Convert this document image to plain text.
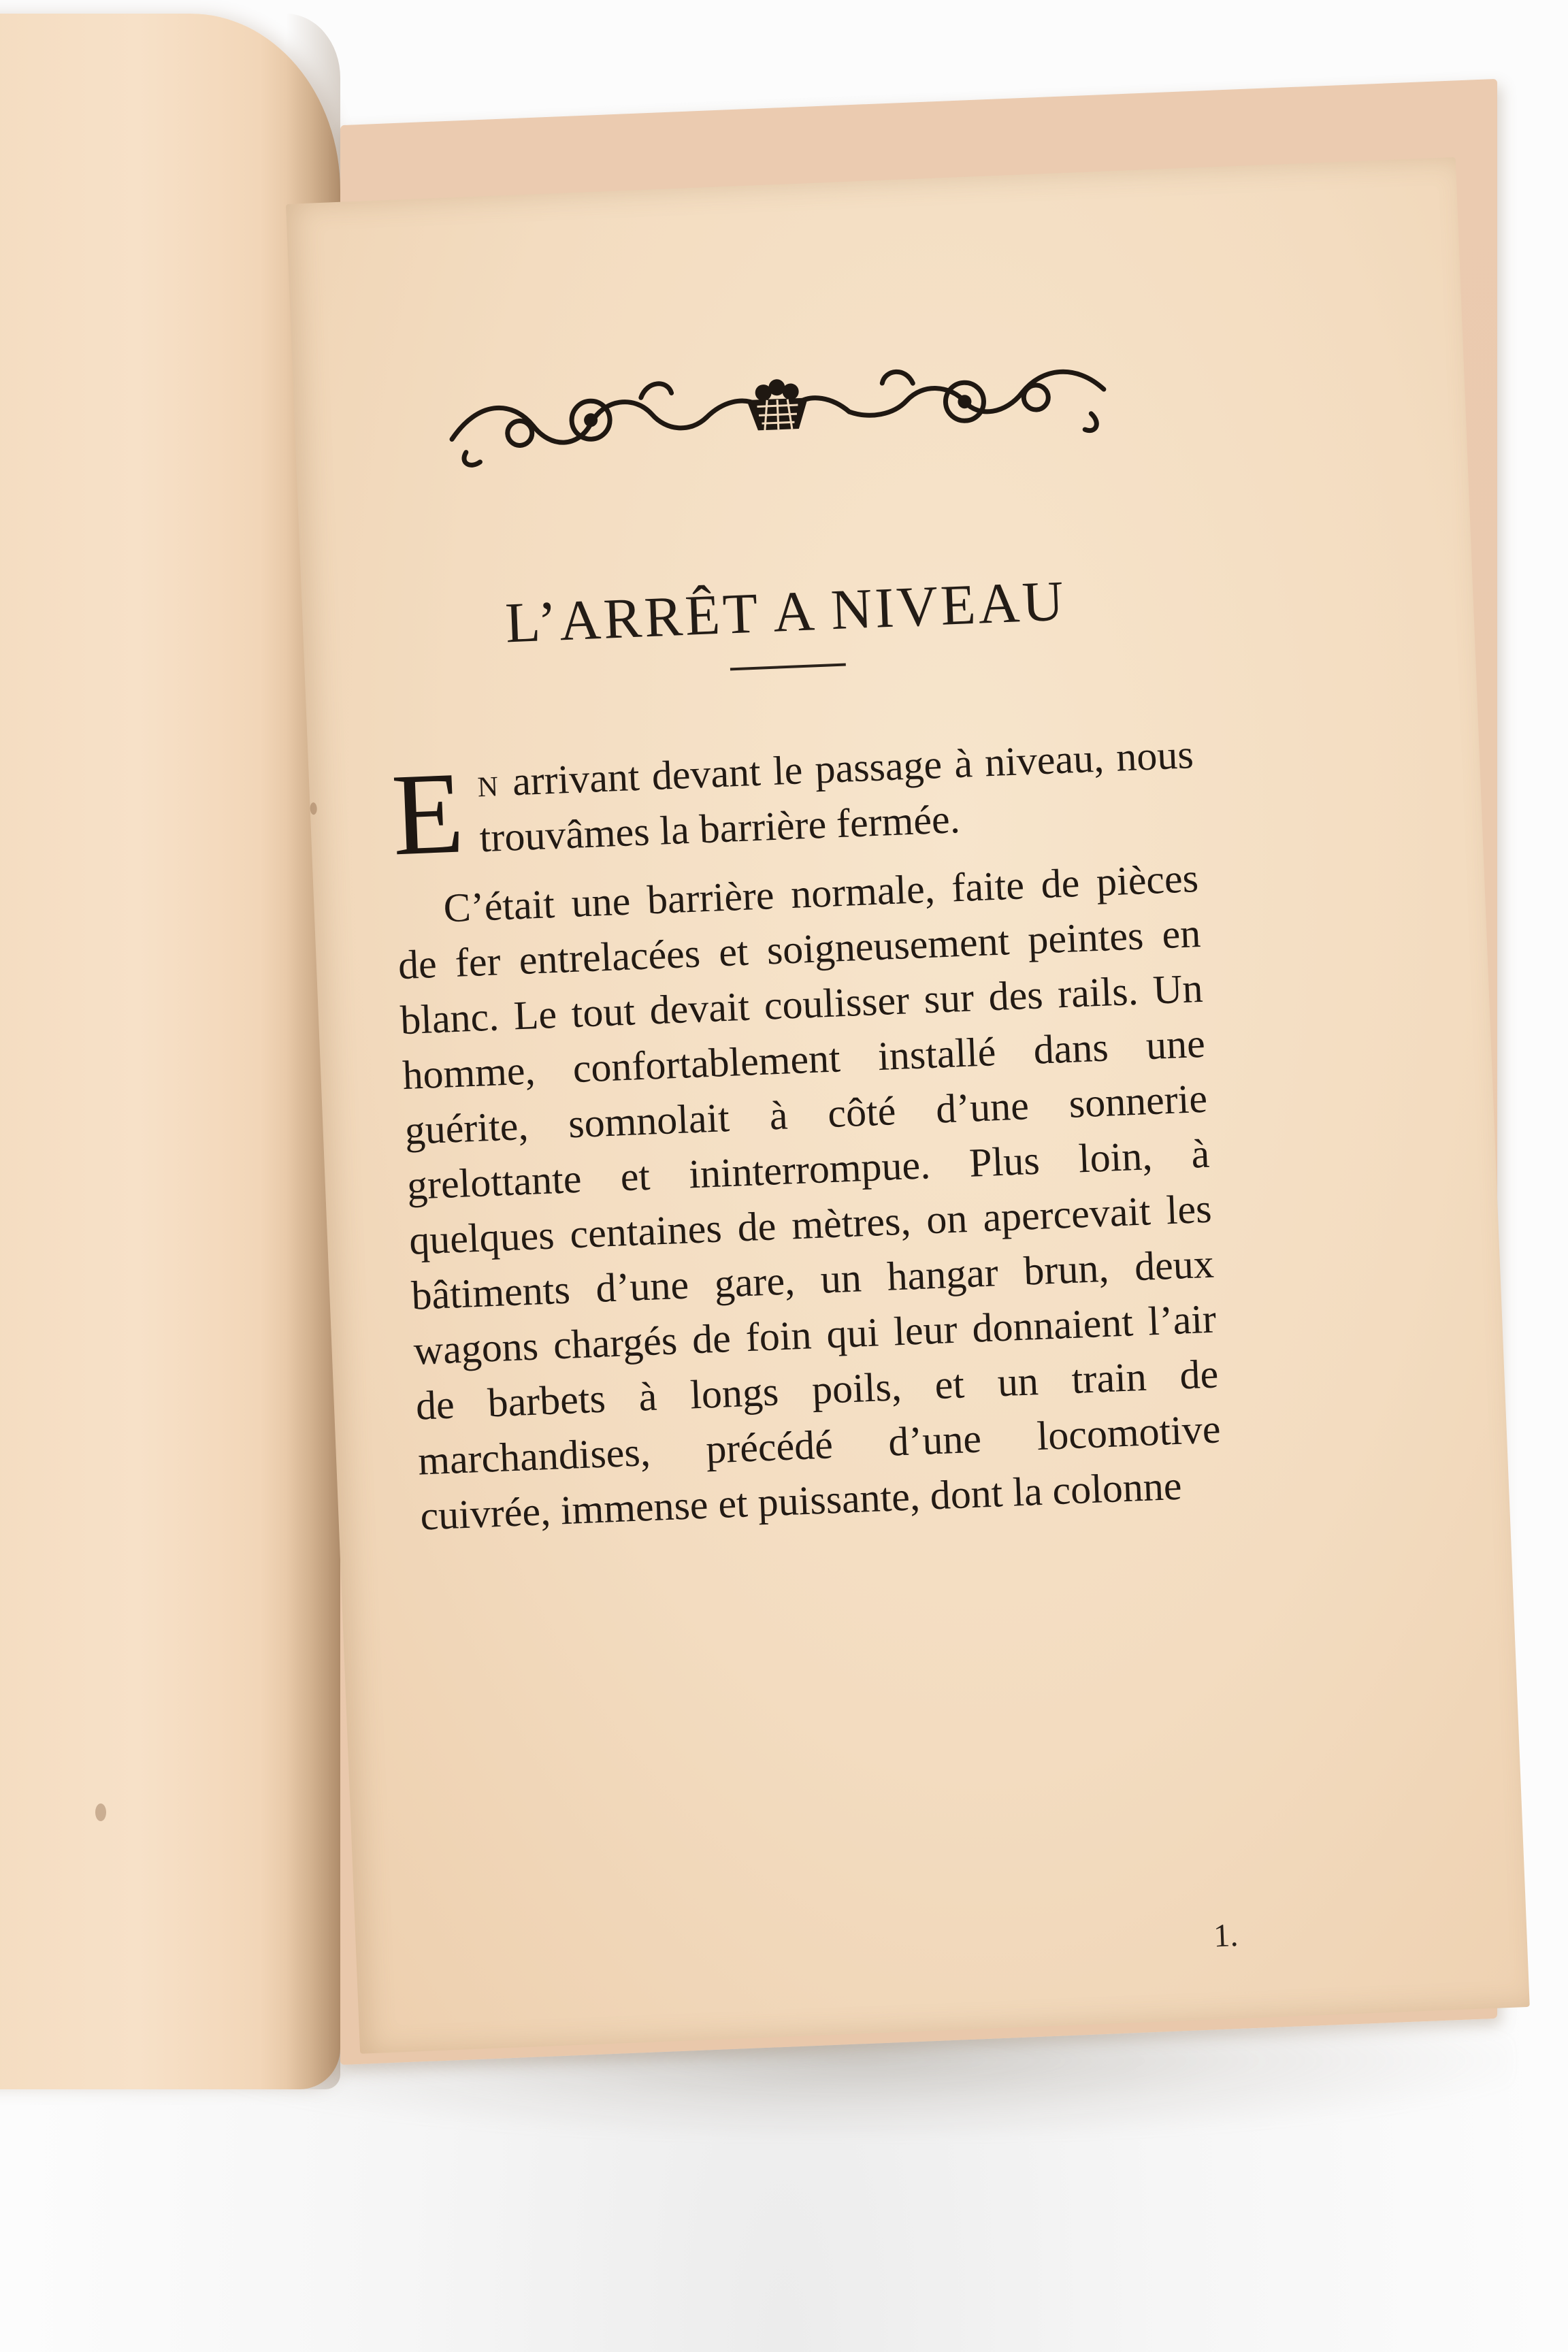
L’ARRÊT A NIVEAU

En arrivant devant le passage à niveau, nous trouvâmes la barrière fermée.

C’était une barrière normale, faite de pièces de fer entrelacées et soigneusement peintes en blanc. Le tout devait coulisser sur des rails. Un homme, confortablement installé dans une guérite, somnolait à côté d’une sonnerie grelottante et ininterrompue. Plus loin, à quelques centaines de mètres, on apercevait les bâtiments d’une gare, un hangar brun, deux wagons chargés de foin qui leur donnaient l’air de barbets à longs poils, et un train de marchandises, précédé d’une locomotive cuivrée, immense et puissante, dont la colonne

1.
